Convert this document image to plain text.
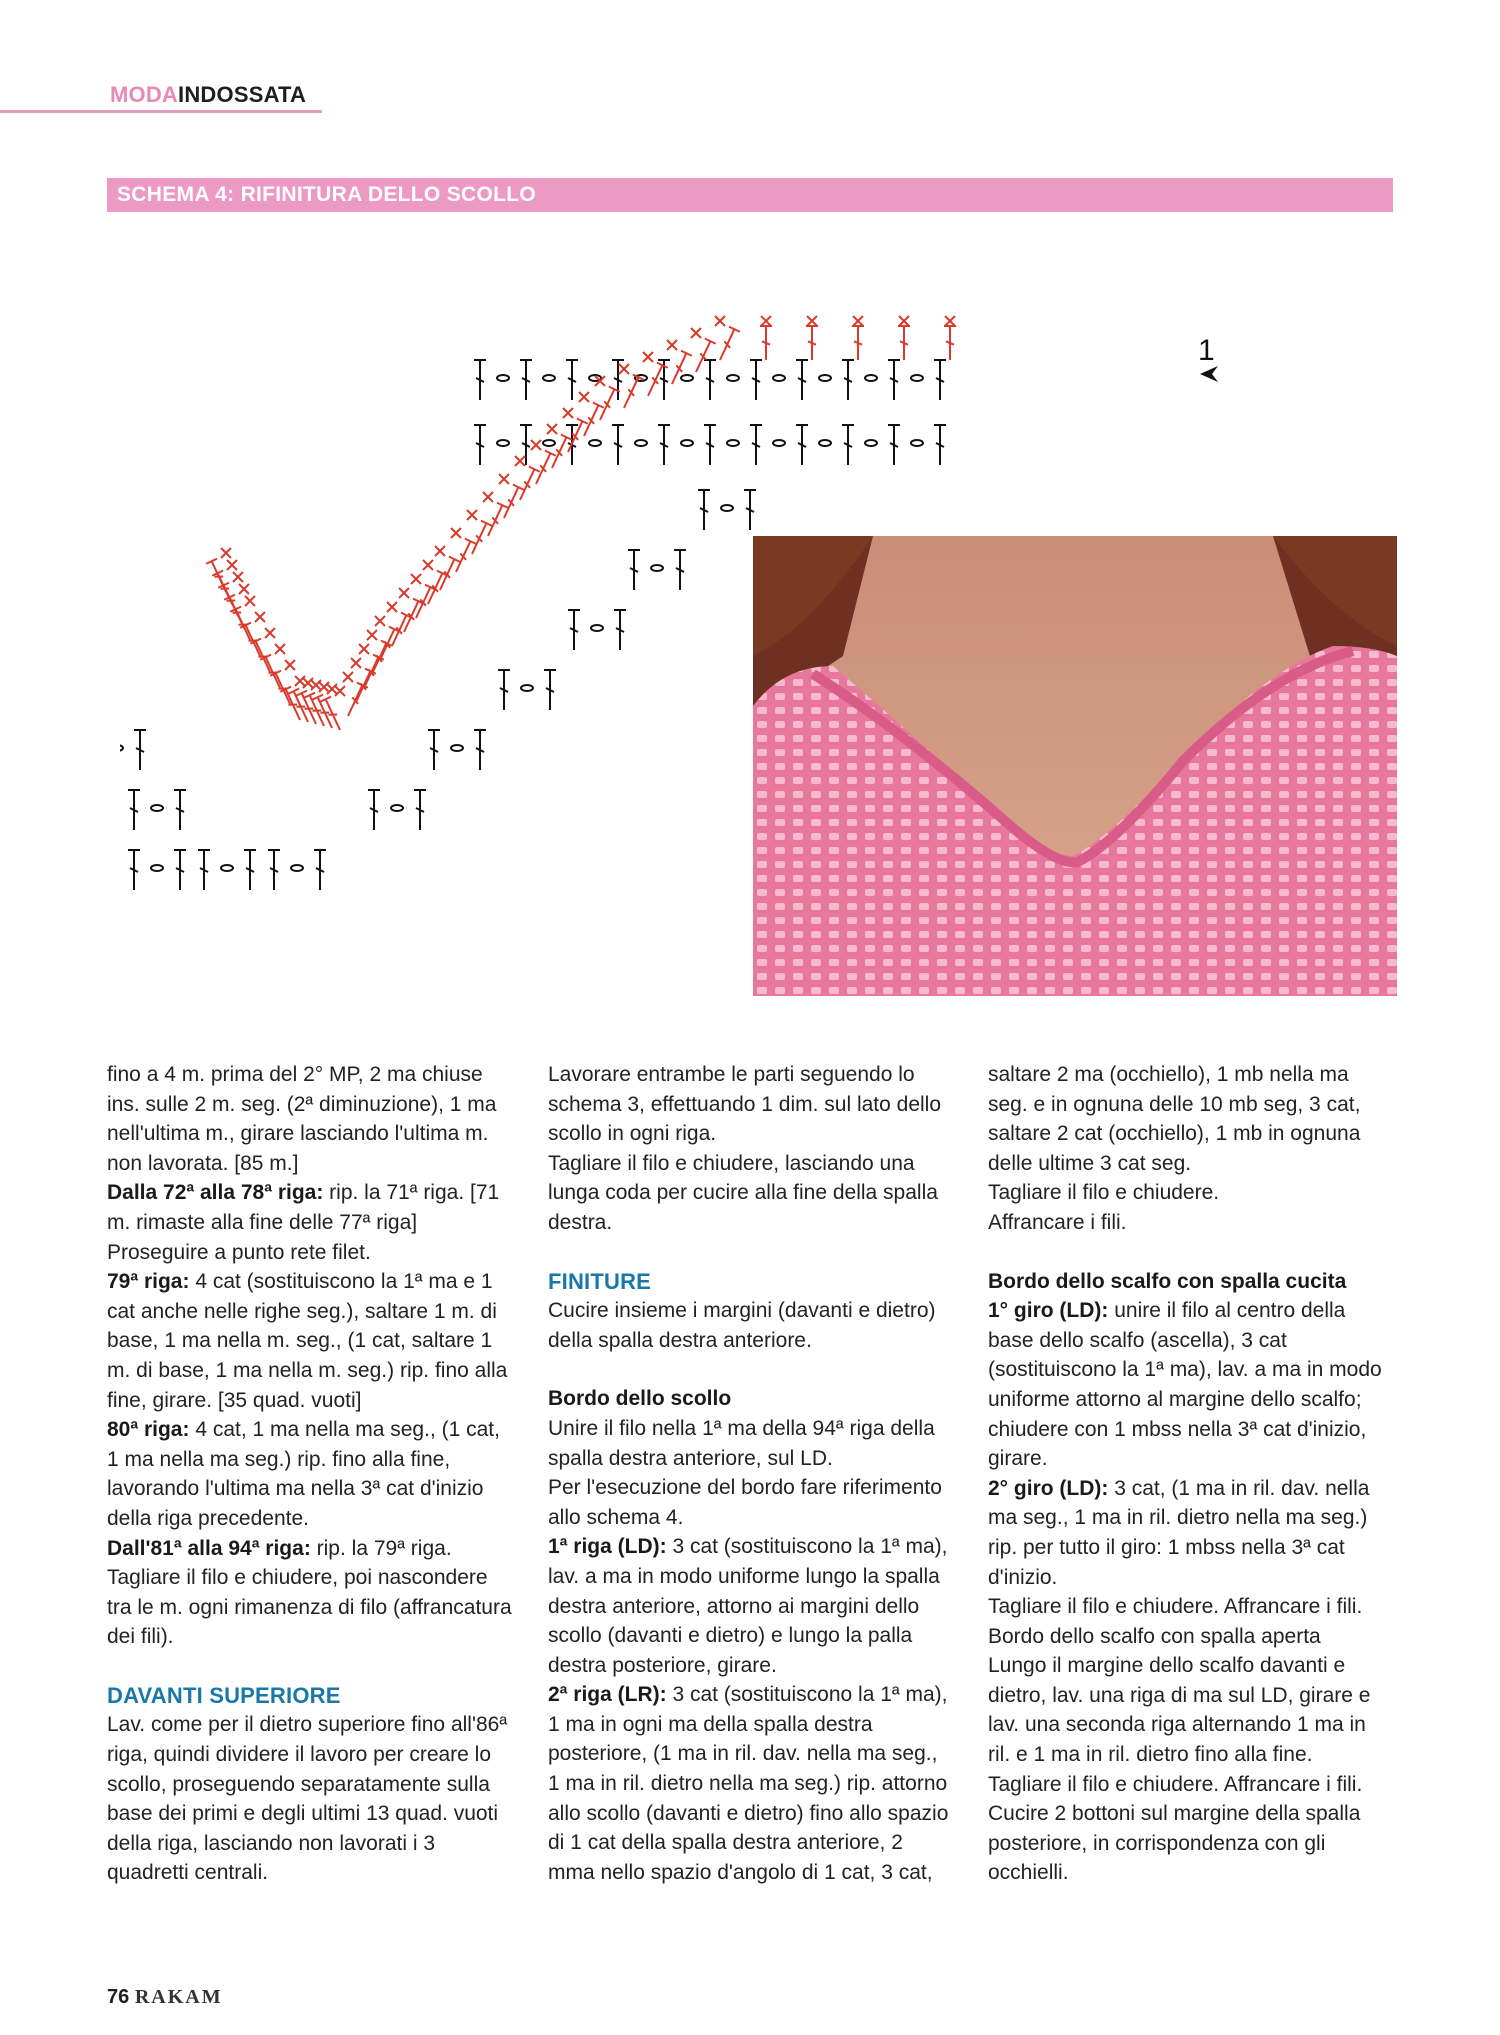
MODAINDOSSATA
SCHEMA 4: RIFINITURA DELLO SCOLLO
1

fino a 4 m. prima del 2° MP, 2 ma chiuse ins. sulle 2 m. seg. (2ª diminuzione), 1 ma nell'ultima m., girare lasciando l'ultima m. non lavorata. [85 m.]

Dalla 72ª alla 78ª riga: rip. la 71ª riga. [71 m. rimaste alla fine delle 77ª riga]

Proseguire a punto rete filet.

79ª riga: 4 cat (sostituiscono la 1ª ma e 1 cat anche nelle righe seg.), saltare 1 m. di base, 1 ma nella m. seg., (1 cat, saltare 1 m. di base, 1 ma nella m. seg.) rip. fino alla fine, girare. [35 quad. vuoti]

80ª riga: 4 cat, 1 ma nella ma seg., (1 cat, 1 ma nella ma seg.) rip. fino alla fine, lavorando l'ultima ma nella 3ª cat d'inizio della riga precedente.

Dall'81ª alla 94ª riga: rip. la 79ª riga.

Tagliare il filo e chiudere, poi nascondere tra le m. ogni rimanenza di filo (affrancatura dei fili).

DAVANTI SUPERIORE

Lav. come per il dietro superiore fino all'86ª riga, quindi dividere il lavoro per creare lo scollo, proseguendo separatamente sulla base dei primi e degli ultimi 13 quad. vuoti della riga, lasciando non lavorati i 3 quadretti centrali.

Lavorare entrambe le parti seguendo lo schema 3, effettuando 1 dim. sul lato dello scollo in ogni riga.

Tagliare il filo e chiudere, lasciando una lunga coda per cucire alla fine della spalla destra.

FINITURE

Cucire insieme i margini (davanti e dietro) della spalla destra anteriore.

Bordo dello scollo

Unire il filo nella 1ª ma della 94ª riga della spalla destra anteriore, sul LD.

Per l'esecuzione del bordo fare riferimento allo schema 4.

1ª riga (LD): 3 cat (sostituiscono la 1ª ma), lav. a ma in modo uniforme lungo la spalla destra anteriore, attorno ai margini dello scollo (davanti e dietro) e lungo la palla destra posteriore, girare.

2ª riga (LR): 3 cat (sostituiscono la 1ª ma), 1 ma in ogni ma della spalla destra posteriore, (1 ma in ril. dav. nella ma seg., 1 ma in ril. dietro nella ma seg.) rip. attorno allo scollo (davanti e dietro) fino allo spazio di 1 cat della spalla destra anteriore, 2 mma nello spazio d'angolo di 1 cat, 3 cat,

saltare 2 ma (occhiello), 1 mb nella ma seg. e in ognuna delle 10 mb seg, 3 cat, saltare 2 cat (occhiello), 1 mb in ognuna delle ultime 3 cat seg.

Tagliare il filo e chiudere.

Affrancare i fili.

Bordo dello scalfo con spalla cucita

1° giro (LD): unire il filo al centro della base dello scalfo (ascella), 3 cat (sostituiscono la 1ª ma), lav. a ma in modo uniforme attorno al margine dello scalfo; chiudere con 1 mbss nella 3ª cat d'inizio, girare.

2° giro (LD): 3 cat, (1 ma in ril. dav. nella ma seg., 1 ma in ril. dietro nella ma seg.) rip. per tutto il giro: 1 mbss nella 3ª cat d'inizio.

Tagliare il filo e chiudere. Affrancare i fili.

Bordo dello scalfo con spalla aperta

Lungo il margine dello scalfo davanti e dietro, lav. una riga di ma sul LD, girare e lav. una seconda riga alternando 1 ma in ril. e 1 ma in ril. dietro fino alla fine.

Tagliare il filo e chiudere. Affrancare i fili.

Cucire 2 bottoni sul margine della spalla posteriore, in corrispondenza con gli occhielli.

76 RAKAM
